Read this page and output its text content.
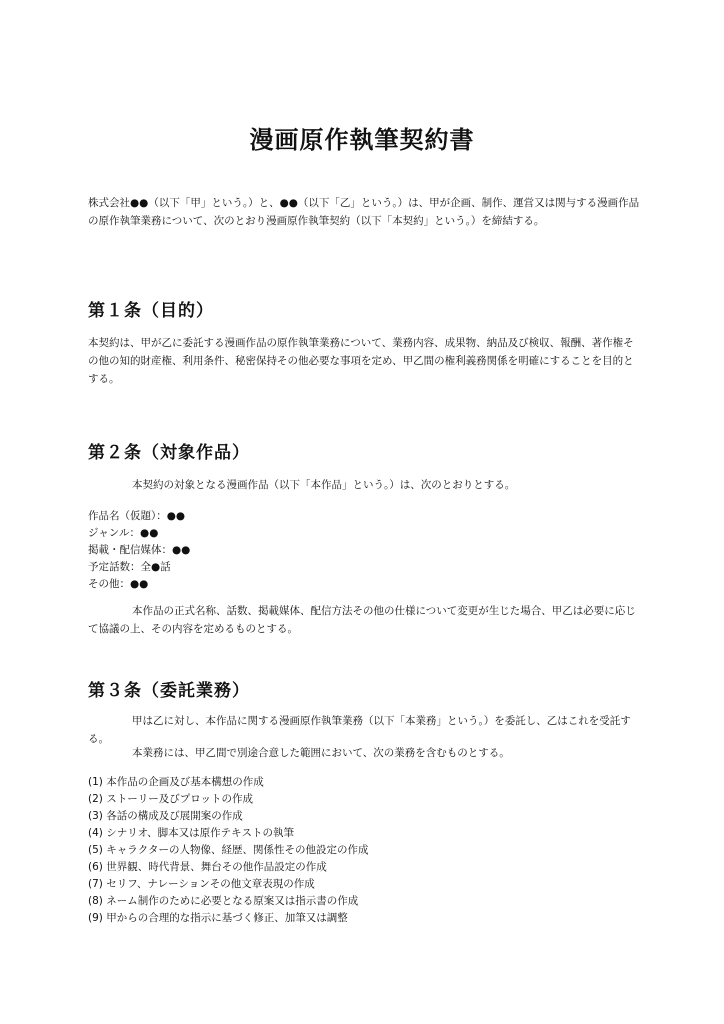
漫画原作執筆契約書
株式会社●●（以下「甲」という。）と、●●（以下「乙」という。）は、甲が企画、制作、運営又は関与する漫画作品の原作執筆業務について、次のとおり漫画原作執筆契約（以下「本契約」という。）を締結する。
第１条（目的）
本契約は、甲が乙に委託する漫画作品の原作執筆業務について、業務内容、成果物、納品及び検収、報酬、著作権その他の知的財産権、利用条件、秘密保持その他必要な事項を定め、甲乙間の権利義務関係を明確にすることを目的とする。
第２条（対象作品）
本契約の対象となる漫画作品（以下「本作品」という。）は、次のとおりとする。
作品名（仮題）：●●
ジャンル：●●
掲載・配信媒体：●●
予定話数：全●話
その他：●●
本作品の正式名称、話数、掲載媒体、配信方法その他の仕様について変更が生じた場合、甲乙は必要に応じて協議の上、その内容を定めるものとする。
第３条（委託業務）
甲は乙に対し、本作品に関する漫画原作執筆業務（以下「本業務」という。）を委託し、乙はこれを受託する。
本業務には、甲乙間で別途合意した範囲において、次の業務を含むものとする。
(1) 本作品の企画及び基本構想の作成
(2) ストーリー及びプロットの作成
(3) 各話の構成及び展開案の作成
(4) シナリオ、脚本又は原作テキストの執筆
(5) キャラクターの人物像、経歴、関係性その他設定の作成
(6) 世界観、時代背景、舞台その他作品設定の作成
(7) セリフ、ナレーションその他文章表現の作成
(8) ネーム制作のために必要となる原案又は指示書の作成
(9) 甲からの合理的な指示に基づく修正、加筆又は調整
